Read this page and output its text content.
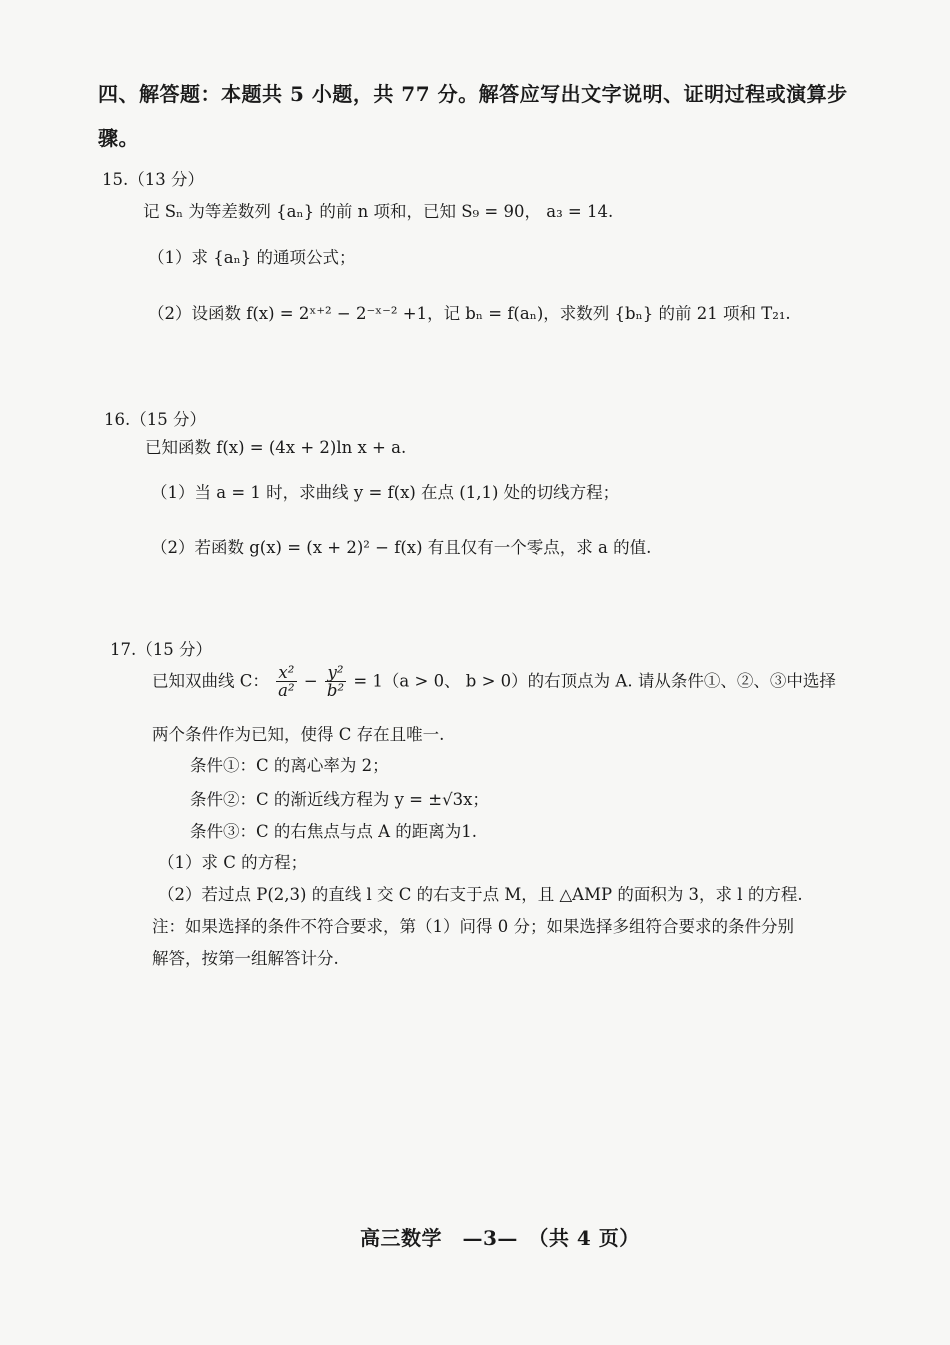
四、解答题：本题共 5 小题，共 77 分。解答应写出文字说明、证明过程或演算步
骤。
15.（13 分）
记 Sₙ 为等差数列 {aₙ} 的前 n 项和，已知 S₉ = 90， a₃ = 14.
（1）求 {aₙ} 的通项公式；
（2）设函数 f(x) = 2ˣ⁺² − 2⁻ˣ⁻² +1，记 bₙ = f(aₙ)，求数列 {bₙ} 的前 21 项和 T₂₁.
16.（15 分）
已知函数 f(x) = (4x + 2)ln x + a.
（1）当 a = 1 时，求曲线 y = f(x) 在点 (1,1) 处的切线方程；
（2）若函数 g(x) = (x + 2)² − f(x) 有且仅有一个零点，求 a 的值.
17.（15 分）
已知双曲线 C： $\frac{\text{x²}}{\text{a²}} - \frac{\text{y²}}{\text{b²}} = 1(a > 0$、 b > 0）的右顶点为 A. 请从条件①、②、③中选择
两个条件作为已知，使得 C 存在且唯一.
条件①：C 的离心率为 2；
条件②：C 的渐近线方程为 y = ±√3x；
条件③：C 的右焦点与点 A 的距离为1.
（1）求 C 的方程；
（2）若过点 P(2,3) 的直线 l 交 C 的右支于点 M，且 △AMP 的面积为 3，求 l 的方程.
注：如果选择的条件不符合要求，第（1）问得 0 分；如果选择多组符合要求的条件分别
解答，按第一组解答计分.
高三数学　—3—　（共 4 页）
